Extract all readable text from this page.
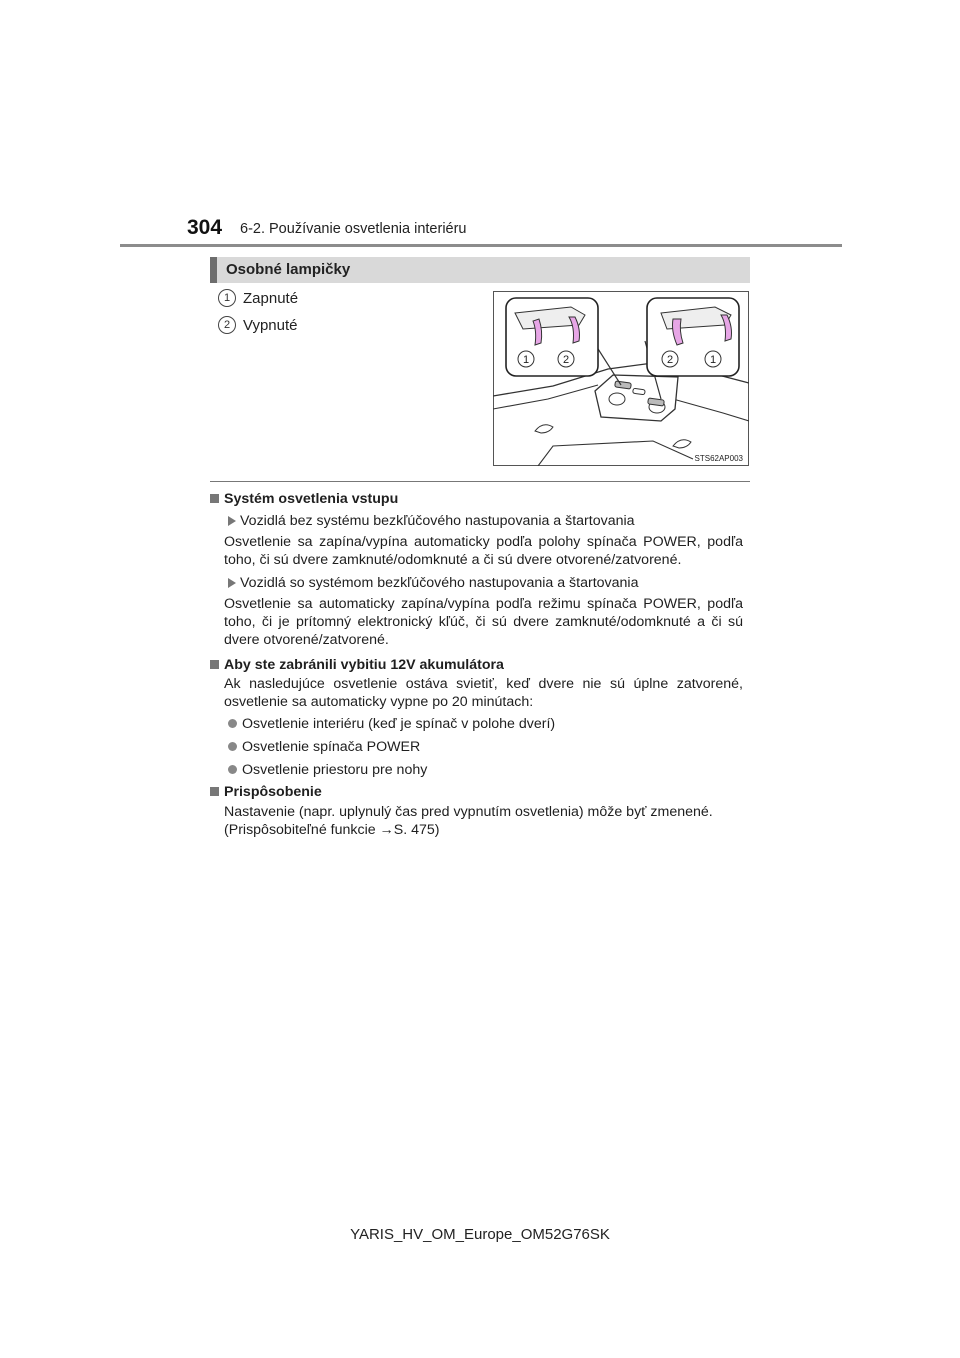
304 6-2. Používanie osvetlenia interiéru
Osobné lampičky
1 Zapnuté
2 Vypnuté
1	2	2	1
STS62AP003
Systém osvetlenia vstupu
Vozidlá bez systému bezkľúčového nastupovania a štartovania
Osvetlenie sa zapína/vypína automaticky podľa polohy spínača POWER, podľa toho, či sú dvere zamknuté/odomknuté a či sú dvere otvorené/zatvorené.
Vozidlá so systémom bezkľúčového nastupovania a štartovania
Osvetlenie sa automaticky zapína/vypína podľa režimu spínača POWER, podľa toho, či je prítomný elektronický kľúč, či sú dvere zamknuté/odomknuté a či sú dvere otvorené/zatvorené.
Aby ste zabránili vybitiu 12V akumulátora
Ak nasledujúce osvetlenie ostáva svietiť, keď dvere nie sú úplne zatvorené, osvetlenie sa automaticky vypne po 20 minútach:
Osvetlenie interiéru (keď je spínač v polohe dverí)
Osvetlenie spínača POWER
Osvetlenie priestoru pre nohy
Prispôsobenie
Nastavenie (napr. uplynulý čas pred vypnutím osvetlenia) môže byť zmenené.
(Prispôsobiteľné funkcie →S. 475)
YARIS_HV_OM_Europe_OM52G76SK
